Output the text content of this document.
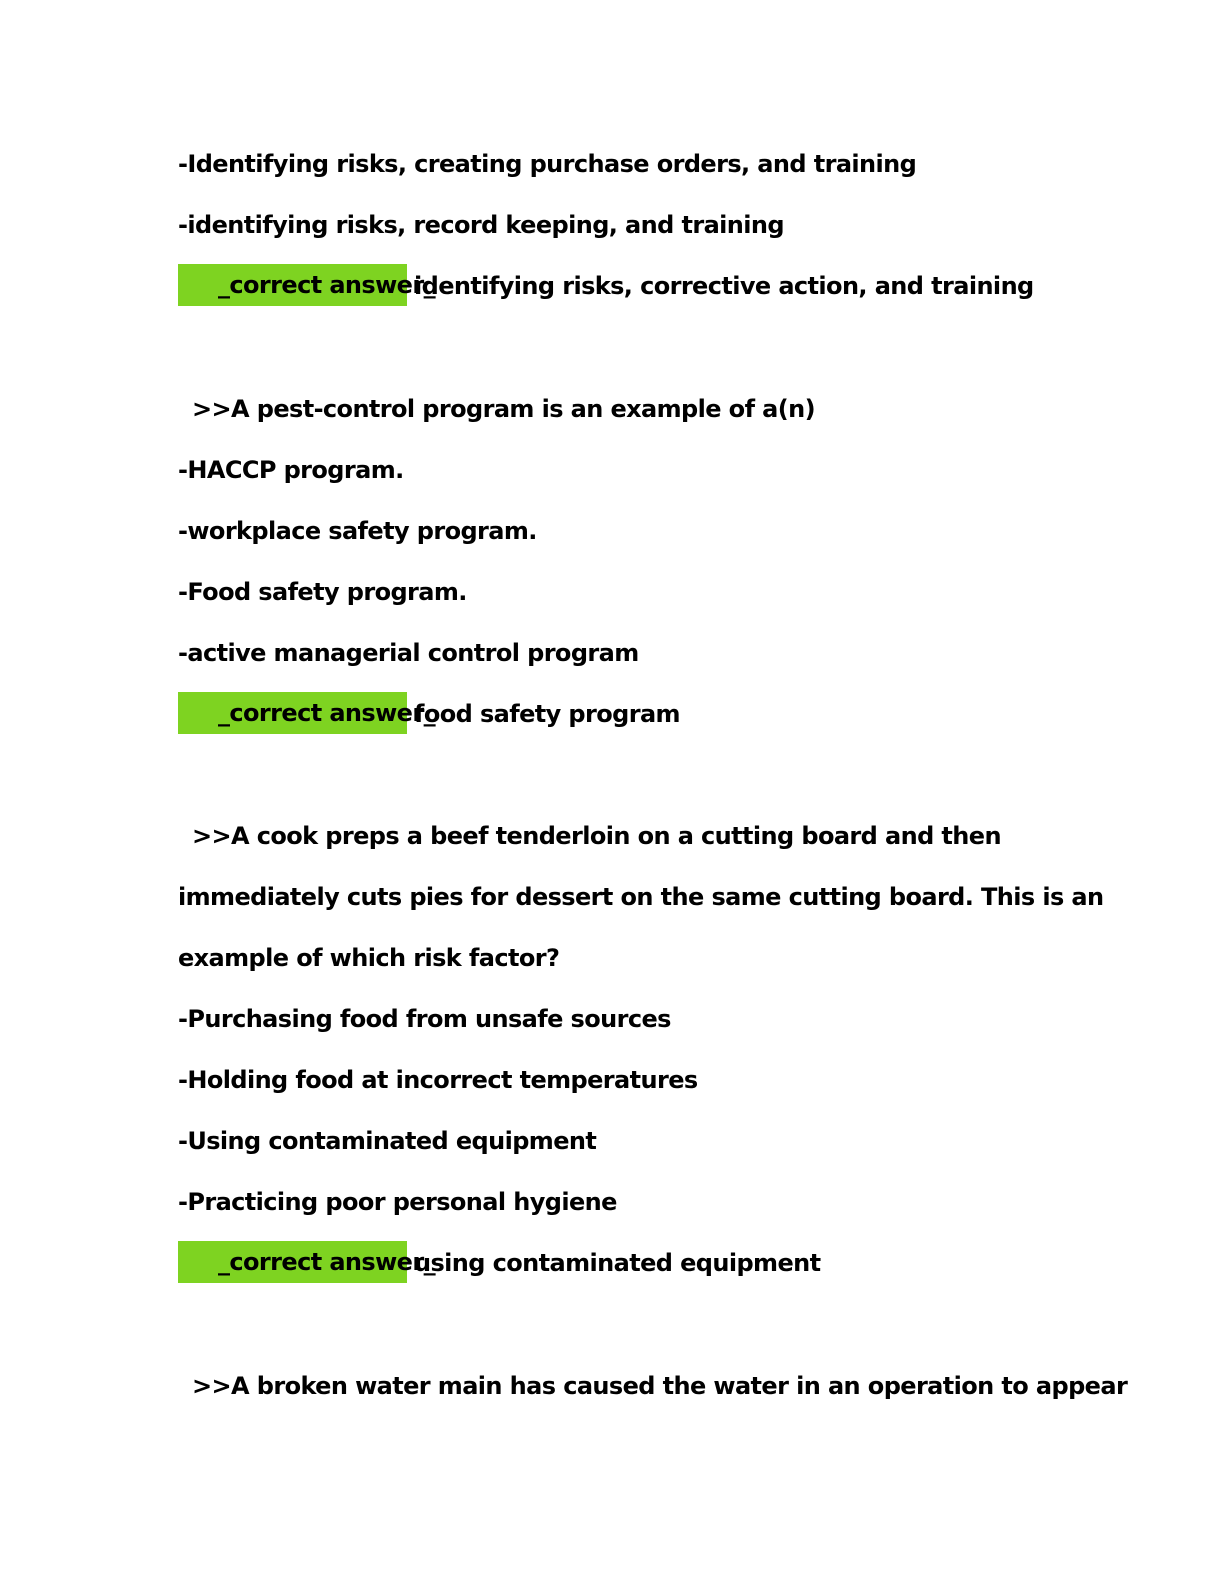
-Identifying risks, creating purchase orders, and training
-identifying risks, record keeping, and training
_correct answer_identifying risks, corrective action, and training
>>A pest-control program is an example of a(n)
-HACCP program.
-workplace safety program.
-Food safety program.
-active managerial control program
_correct answer_food safety program
>>A cook preps a beef tenderloin on a cutting board and then
immediately cuts pies for dessert on the same cutting board. This is an
example of which risk factor?
-Purchasing food from unsafe sources
-Holding food at incorrect temperatures
-Using contaminated equipment
-Practicing poor personal hygiene
_correct answer_using contaminated equipment
>>A broken water main has caused the water in an operation to appear
